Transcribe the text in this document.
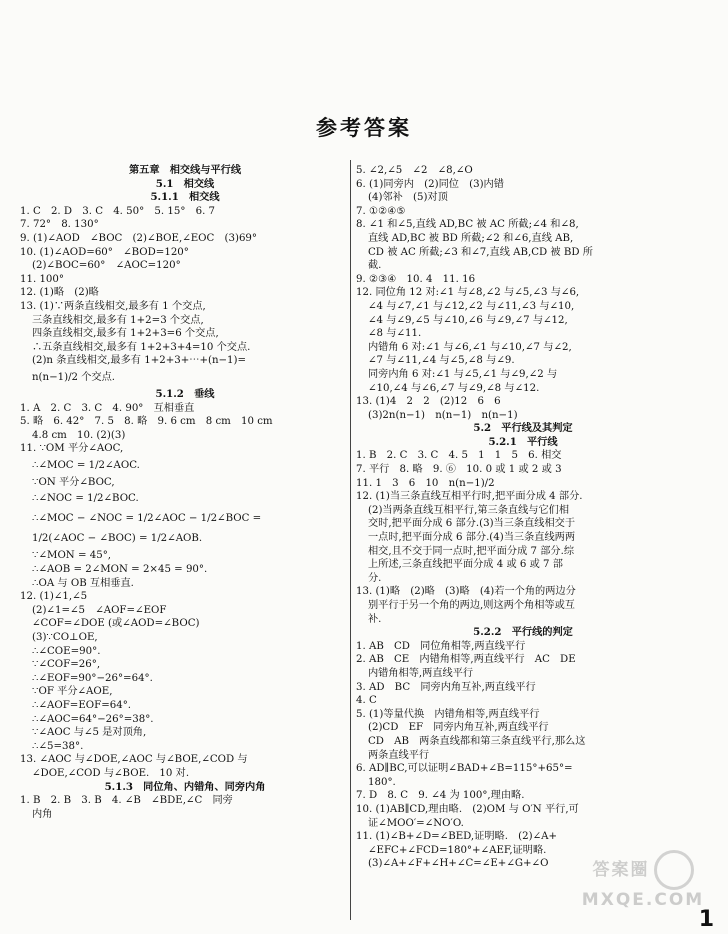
参考答案
第五章　相交线与平行线
5.1　相交线
5.1.1　相交线
1. C　2. D　3. C　4. 50°　5. 15°　6. 7
7. 72°　8. 130°
9. (1)∠AOD　∠BOC　(2)∠BOE,∠EOC　(3)69°
10. (1)∠AOD=60°　∠BOD=120°
(2)∠BOC=60°　∠AOC=120°
11. 100°
12. (1)略　(2)略
13. (1)∵两条直线相交,最多有 1 个交点,
三条直线相交,最多有 1+2=3 个交点,
四条直线相交,最多有 1+2+3=6 个交点,
∴五条直线相交,最多有 1+2+3+4=10 个交点.
(2)n 条直线相交,最多有 1+2+3+⋯+(n−1)=
n(n−1)/2 个交点.
5.1.2　垂线
1. A　2. C　3. C　4. 90°　互相垂直
5. 略　6. 42°　7. 5　8. 略　9. 6 cm　8 cm　10 cm
4.8 cm　10. (2)(3)
11. ∵OM 平分∠AOC,
∴∠MOC = 1/2∠AOC.
∵ON 平分∠BOC,
∴∠NOC = 1/2∠BOC.
∴∠MOC − ∠NOC = 1/2∠AOC − 1/2∠BOC =
1/2(∠AOC − ∠BOC) = 1/2∠AOB.
∵∠MON = 45°,
∴∠AOB = 2∠MON = 2×45 = 90°.
∴OA 与 OB 互相垂直.
12. (1)∠1,∠5
(2)∠1=∠5　∠AOF=∠EOF
∠COF=∠DOE (或∠AOD=∠BOC)
(3)∵CO⊥OE,
∴∠COE=90°.
∵∠COF=26°,
∴∠EOF=90°−26°=64°.
∵OF 平分∠AOE,
∴∠AOF=EOF=64°.
∴∠AOC=64°−26°=38°.
∵∠AOC 与∠5 是对顶角,
∴∠5=38°.
13. ∠AOC 与∠DOE,∠AOC 与∠BOE,∠COD 与
∠DOE,∠COD 与∠BOE.　10 对.
5.1.3　同位角、内错角、同旁内角
1. B　2. B　3. B　4. ∠B　∠BDE,∠C　同旁
内角
5. ∠2,∠5　∠2　∠8,∠O
6. (1)同旁内　(2)同位　(3)内错
(4)邻补　(5)对顶
7. ①②④⑤
8. ∠1 和∠5,直线 AD,BC 被 AC 所截;∠4 和∠8,
直线 AD,BC 被 BD 所截;∠2 和∠6,直线 AB,
CD 被 AC 所截;∠3 和∠7,直线 AB,CD 被 BD 所
截.
9. ②③④　10. 4　11. 16
12. 同位角 12 对:∠1 与∠8,∠2 与∠5,∠3 与∠6,
∠4 与∠7,∠1 与∠12,∠2 与∠11,∠3 与∠10,
∠4 与∠9,∠5 与∠10,∠6 与∠9,∠7 与∠12,
∠8 与∠11.
内错角 6 对:∠1 与∠6,∠1 与∠10,∠7 与∠2,
∠7 与∠11,∠4 与∠5,∠8 与∠9.
同旁内角 6 对:∠1 与∠5,∠1 与∠9,∠2 与
∠10,∠4 与∠6,∠7 与∠9,∠8 与∠12.
13. (1)4　2　2　(2)12　6　6
(3)2n(n−1)　n(n−1)　n(n−1)
5.2　平行线及其判定
5.2.1　平行线
1. B　2. C　3. C　4. 5　1　1　5　6. 相交
7. 平行　8. 略　9. ⑥　10. 0 或 1 或 2 或 3
11. 1　3　6　10　n(n−1)/2
12. (1)当三条直线互相平行时,把平面分成 4 部分.
(2)当两条直线互相平行,第三条直线与它们相
交时,把平面分成 6 部分.(3)当三条直线相交于
一点时,把平面分成 6 部分.(4)当三条直线两两
相交,且不交于同一点时,把平面分成 7 部分.综
上所述,三条直线把平面分成 4 或 6 或 7 部
分.
13. (1)略　(2)略　(3)略　(4)若一个角的两边分
别平行于另一个角的两边,则这两个角相等或互
补.
5.2.2　平行线的判定
1. AB　CD　同位角相等,两直线平行
2. AB　CE　内错角相等,两直线平行　AC　DE
内错角相等,两直线平行
3. AD　BC　同旁内角互补,两直线平行
4. C
5. (1)等量代换　内错角相等,两直线平行
(2)CD　EF　同旁内角互补,两直线平行
CD　AB　两条直线都和第三条直线平行,那么这
两条直线平行
6. AD∥BC,可以证明∠BAD+∠B=115°+65°=
180°.
7. D　8. C　9. ∠4 为 100°,理由略.
10. (1)AB∥CD,理由略.　(2)OM 与 O′N 平行,可
证∠MOO′=∠NO′O.
11. (1)∠B+∠D=∠BED,证明略.　(2)∠A+
∠EFC+∠FCD=180°+∠AEF,证明略.
(3)∠A+∠F+∠H+∠C=∠E+∠G+∠O	答案圈
MXQE.COM
1
